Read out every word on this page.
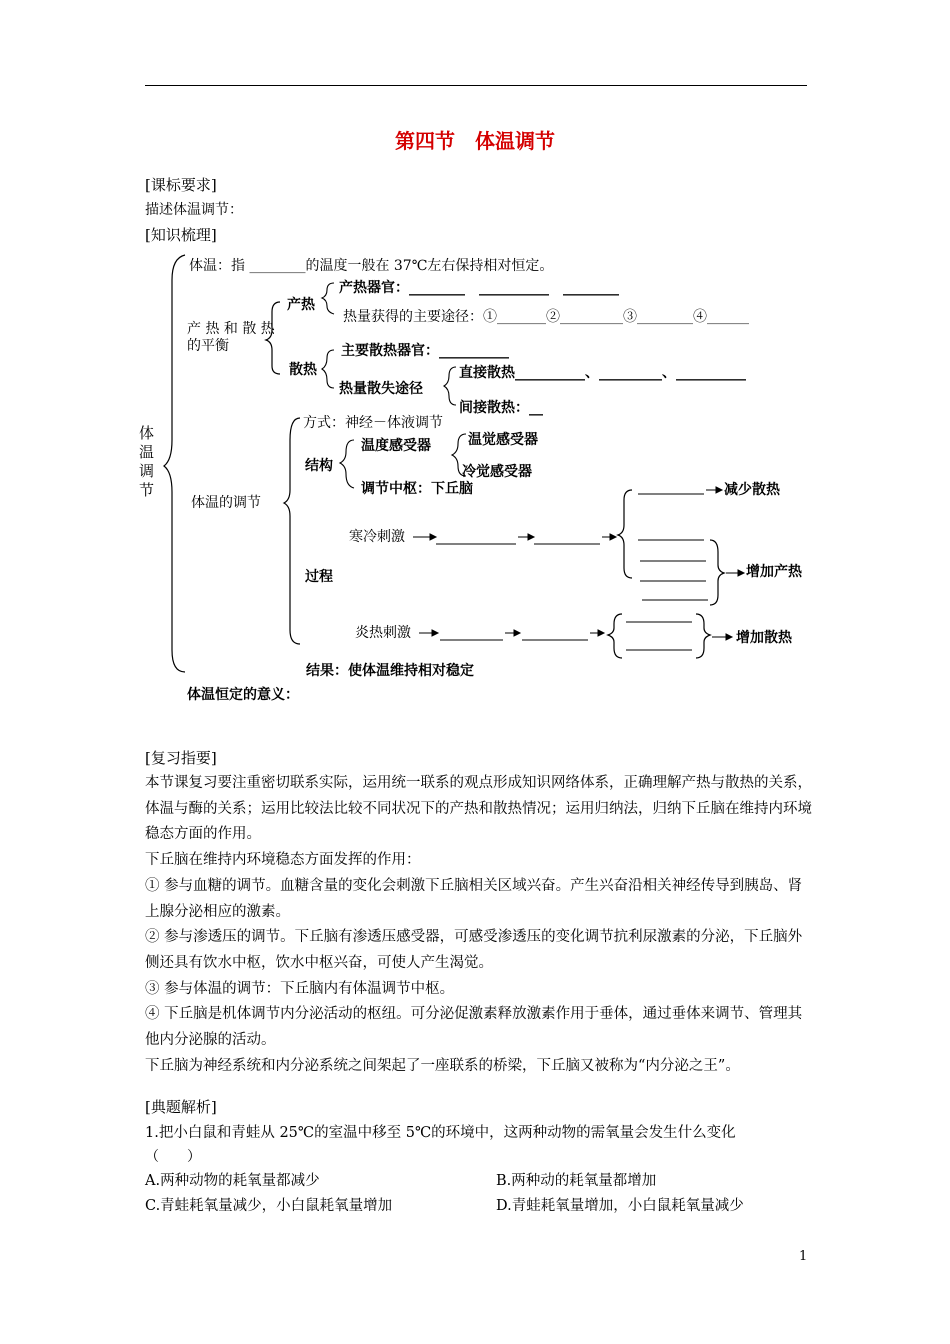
第四节　体温调节
[课标要求]
描述体温调节：
[知识梳理]
体温调节
体温：指 ________的温度一般在 37℃左右保持相对恒定。
产 热 和 散 热 的平衡
产热
产热器官：________　__________　________
热量获得的主要途径：①_______②_________③________④______
散热
主要散热器官：__________
热量散失途径
直接散热__________、_________、__________
间接散热：__
体温的调节
方式：神经－体液调节
结构
温度感受器	温觉感受器
冷觉感受器
调节中枢：下丘脑
过程
寒冷刺激
炎热刺激
减少散热
增加产热
增加散热
结果：使体温维持相对稳定
体温恒定的意义：
[复习指要]

本节课复习要注重密切联系实际，运用统一联系的观点形成知识网络体系，正确理解产热与散热的关系，体温与酶的关系；运用比较法比较不同状况下的产热和散热情况；运用归纳法，归纳下丘脑在维持内环境稳态方面的作用。

下丘脑在维持内环境稳态方面发挥的作用：

① 参与血糖的调节。血糖含量的变化会刺激下丘脑相关区域兴奋。产生兴奋沿相关神经传导到胰岛、肾上腺分泌相应的激素。

② 参与渗透压的调节。下丘脑有渗透压感受器，可感受渗透压的变化调节抗利尿激素的分泌，下丘脑外侧还具有饮水中枢，饮水中枢兴奋，可使人产生渴觉。

③ 参与体温的调节：下丘脑内有体温调节中枢。

④ 下丘脑是机体调节内分泌活动的枢纽。可分泌促激素释放激素作用于垂体，通过垂体来调节、管理其他内分泌腺的活动。

下丘脑为神经系统和内分泌系统之间架起了一座联系的桥梁，下丘脑又被称为“内分泌之王”。

[典题解析]
1.把小白鼠和青蛙从 25℃的室温中移至 5℃的环境中，这两种动物的需氧量会发生什么变化
（　　）
A.两种动物的耗氧量都减少	B.两种动的耗氧量都增加
C.青蛙耗氧量减少，小白鼠耗氧量增加	D.青蛙耗氧量增加，小白鼠耗氧量减少
1
